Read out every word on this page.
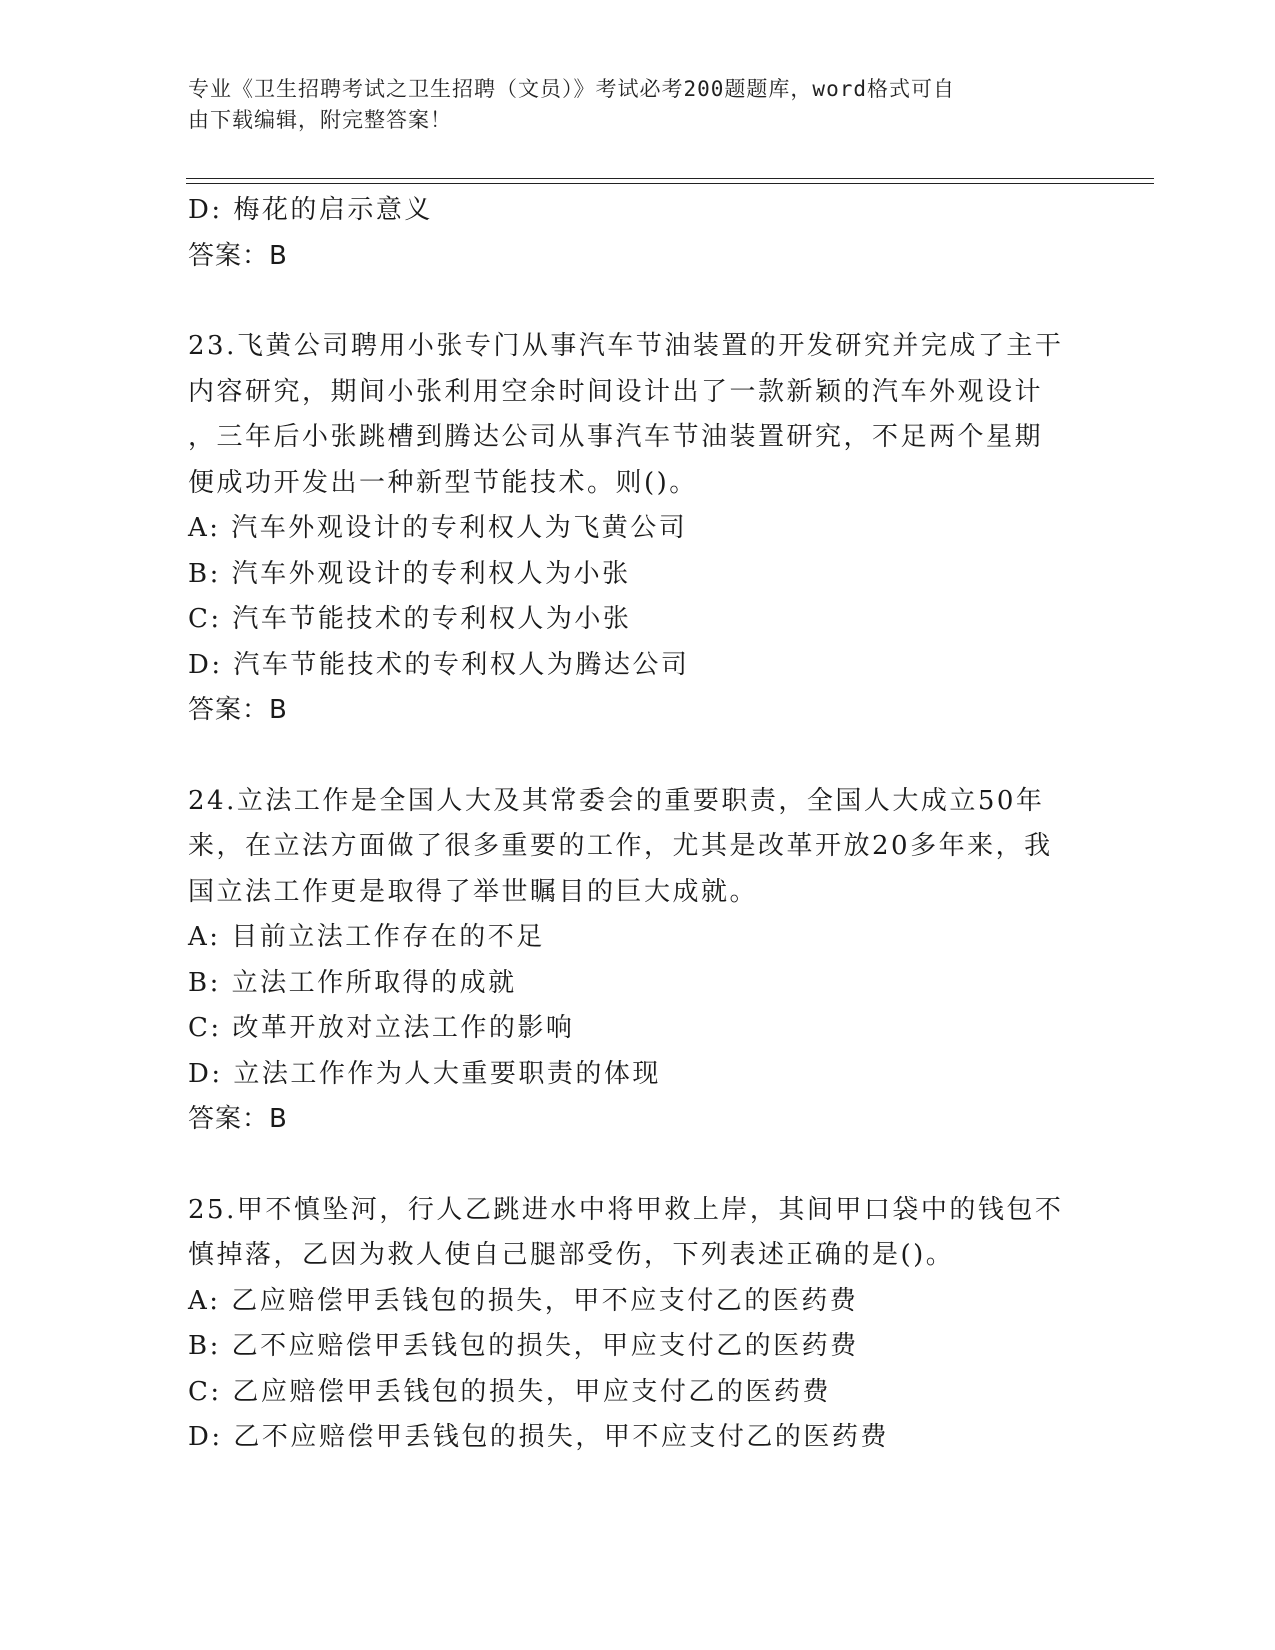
专业《卫生招聘考试之卫生招聘（文员）》考试必考200题题库，word格式可自
由下载编辑，附完整答案！
D: 梅花的启示意义
答案：B
23.飞黄公司聘用小张专门从事汽车节油装置的开发研究并完成了主干
内容研究，期间小张利用空余时间设计出了一款新颖的汽车外观设计
，三年后小张跳槽到腾达公司从事汽车节油装置研究，不足两个星期
便成功开发出一种新型节能技术。则()。
A: 汽车外观设计的专利权人为飞黄公司
B: 汽车外观设计的专利权人为小张
C: 汽车节能技术的专利权人为小张
D: 汽车节能技术的专利权人为腾达公司
答案：B
24.立法工作是全国人大及其常委会的重要职责，全国人大成立50年
来，在立法方面做了很多重要的工作，尤其是改革开放20多年来，我
国立法工作更是取得了举世瞩目的巨大成就。
A: 目前立法工作存在的不足
B: 立法工作所取得的成就
C: 改革开放对立法工作的影响
D: 立法工作作为人大重要职责的体现
答案：B
25.甲不慎坠河，行人乙跳进水中将甲救上岸，其间甲口袋中的钱包不
慎掉落，乙因为救人使自己腿部受伤，下列表述正确的是()。
A: 乙应赔偿甲丢钱包的损失，甲不应支付乙的医药费
B: 乙不应赔偿甲丢钱包的损失，甲应支付乙的医药费
C: 乙应赔偿甲丢钱包的损失，甲应支付乙的医药费
D: 乙不应赔偿甲丢钱包的损失，甲不应支付乙的医药费
